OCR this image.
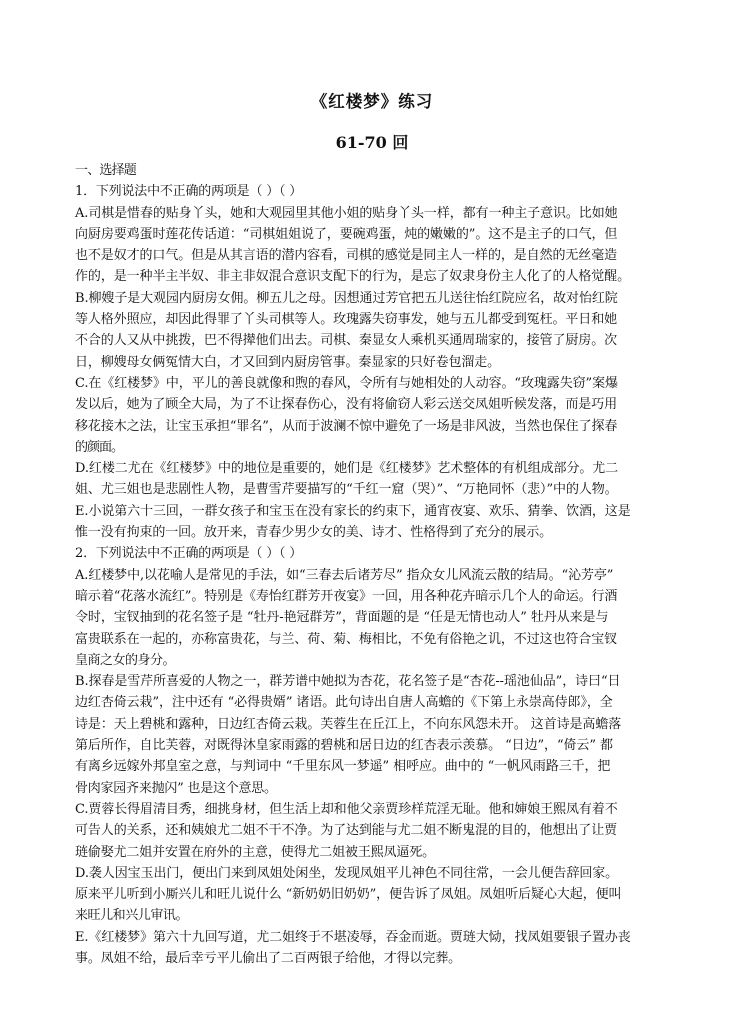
《红楼梦》练习
61-70 回
一、选择题
1．下列说法中不正确的两项是（ ）（ ）
A.司棋是惜春的贴身丫头，她和大观园里其他小姐的贴身丫头一样，都有一种主子意识。比如她
向厨房要鸡蛋时莲花传话道：“司棋姐姐说了，要碗鸡蛋，炖的嫩嫩的”。这不是主子的口气，但
也不是奴才的口气。但是从其言语的潜内容看，司棋的感觉是同主人一样的，是自然的无丝毫造
作的，是一种半主半奴、非主非奴混合意识支配下的行为，是忘了奴隶身份主人化了的人格觉醒。
B.柳嫂子是大观园内厨房女佣。柳五儿之母。因想通过芳官把五儿送往怡红院应名，故对怡红院
等人格外照应，却因此得罪了丫头司棋等人。玫瑰露失窃事发，她与五儿都受到冤枉。平日和她
不合的人又从中挑拨，巴不得撵他们出去。司棋、秦显女人乘机买通周瑞家的，接管了厨房。次
日，柳嫂母女俩冤情大白，才又回到内厨房管事。秦显家的只好卷包溜走。
C.在《红楼梦》中，平儿的善良就像和煦的春风，令所有与她相处的人动容。“玫瑰露失窃”案爆
发以后，她为了顾全大局，为了不让探春伤心，没有将偷窃人彩云送交凤姐听候发落，而是巧用
移花接木之法，让宝玉承担“罪名”，从而于波澜不惊中避免了一场是非风波，当然也保住了探春
的颜面。
D.红楼二尤在《红楼梦》中的地位是重要的，她们是《红楼梦》艺术整体的有机组成部分。尤二
姐、尤三姐也是悲剧性人物，是曹雪芹要描写的“千红一窟（哭）”、“万艳同怀（悲）”中的人物。
E.小说第六十三回，一群女孩子和宝玉在没有家长的约束下，通宵夜宴、欢乐、猜拳、饮酒，这是
惟一没有拘束的一回。放开来，青春少男少女的美、诗才、性格得到了充分的展示。
2．下列说法中不正确的两项是（ ）（ ）
A.红楼梦中,以花喻人是常见的手法，如“三春去后诸芳尽” 指众女儿风流云散的结局。“沁芳亭”
暗示着“花落水流红”。特别是《寿怡红群芳开夜宴》一回，用各种花卉暗示几个人的命运。行酒
令时，宝钗抽到的花名签子是 “牡丹-艳冠群芳”，背面题的是 “任是无情也动人” 牡丹从来是与
富贵联系在一起的，亦称富贵花，与兰、荷、菊、梅相比，不免有俗艳之讥，不过这也符合宝钗
皇商之女的身分。
B.探春是雪芹所喜爱的人物之一，群芳谱中她拟为杏花，花名签子是“杏花--瑶池仙品”，诗曰“日
边红杏倚云栽”，注中还有 “必得贵婿” 诸语。此句诗出自唐人高蟾的《下第上永崇高侍郎》，全
诗是：天上碧桃和露种，日边红杏倚云栽。芙蓉生在丘江上，不向东风怨未开。 这首诗是高蟾落
第后所作，自比芙蓉，对既得沐皇家雨露的碧桃和居日边的红杏表示羡慕。 “日边”，“倚云” 都
有离乡远嫁外邦皇室之意，与判词中 “千里东风一梦遥” 相呼应。曲中的 “一帆风雨路三千，把
骨肉家园齐来抛闪” 也是这个意思。
C.贾蓉长得眉清目秀，细挑身材，但生活上却和他父亲贾珍样荒淫无耻。他和婶娘王熙凤有着不
可告人的关系，还和姨娘尤二姐不干不净。为了达到能与尤二姐不断鬼混的目的，他想出了让贾
琏偷娶尤二姐并安置在府外的主意，使得尤二姐被王熙凤逼死。
D.袭人因宝玉出门，便出门来到凤姐处闲坐，发现凤姐平儿神色不同往常，一会儿便告辞回家。
原来平儿听到小厮兴儿和旺儿说什么 “新奶奶旧奶奶”，便告诉了凤姐。凤姐听后疑心大起，便叫
来旺儿和兴儿审讯。
E.《红楼梦》第六十九回写道，尤二姐终于不堪凌辱，吞金而逝。贾琏大恸，找凤姐要银子置办丧
事。凤姐不给，最后幸亏平儿偷出了二百两银子给他，才得以完葬。
